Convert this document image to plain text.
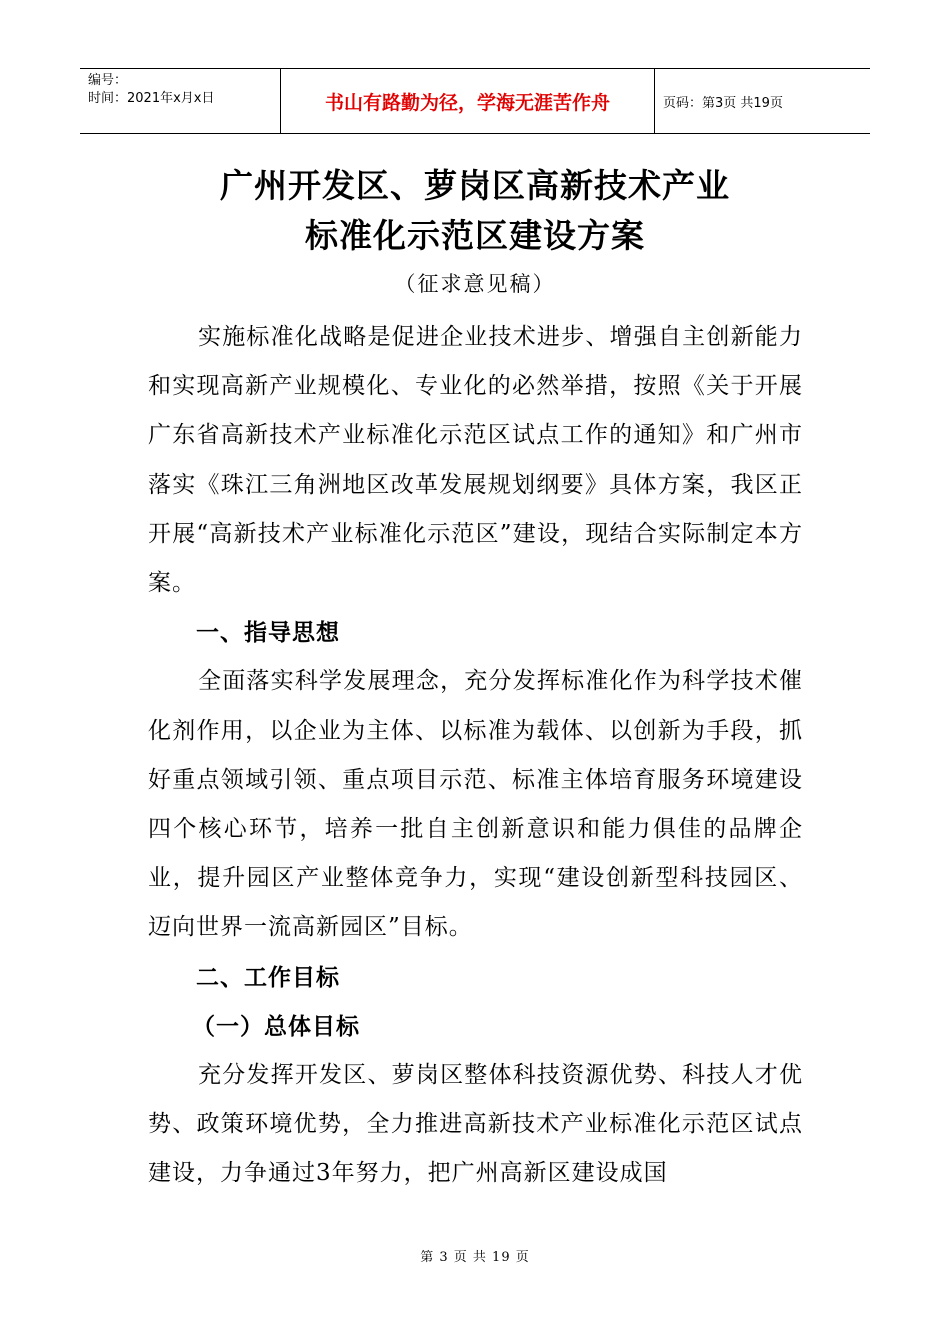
编号：
时间：2021年x月x日	书山有路勤为径，学海无涯苦作舟	页码：第3页 共19页
广州开发区、萝岗区高新技术产业
标准化示范区建设方案
（征求意见稿）

实施标准化战略是促进企业技术进步、增强自主创新能力和实现高新产业规模化、专业化的必然举措，按照《关于开展广东省高新技术产业标准化示范区试点工作的通知》和广州市落实《珠江三角洲地区改革发展规划纲要》具体方案，我区正开展“高新技术产业标准化示范区”建设，现结合实际制定本方案。

一、指导思想

全面落实科学发展理念，充分发挥标准化作为科学技术催化剂作用，以企业为主体、以标准为载体、以创新为手段，抓好重点领域引领、重点项目示范、标准主体培育服务环境建设四个核心环节，培养一批自主创新意识和能力俱佳的品牌企业，提升园区产业整体竞争力，实现“建设创新型科技园区、迈向世界一流高新园区”目标。

二、工作目标
（一）总体目标

充分发挥开发区、萝岗区整体科技资源优势、科技人才优势、政策环境优势，全力推进高新技术产业标准化示范区试点建设，力争通过3年努力，把广州高新区建设成国

第 3 页 共 19 页
